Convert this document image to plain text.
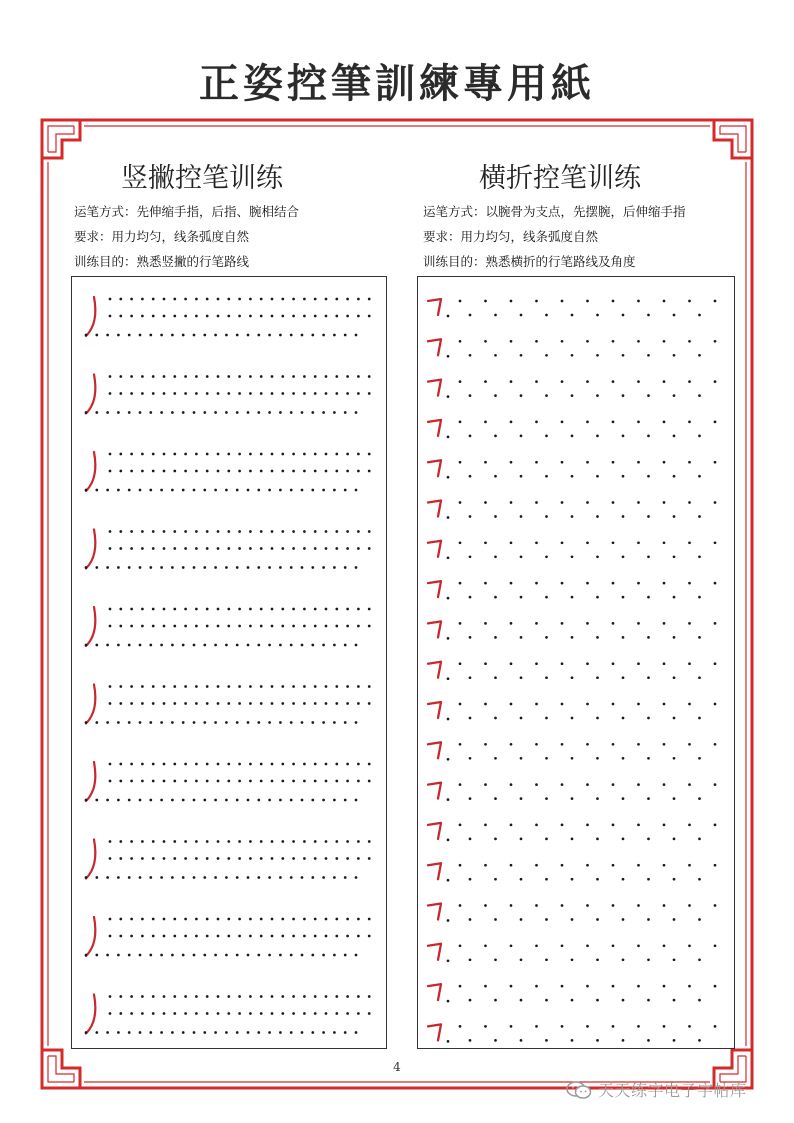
正姿控筆訓練專用紙
竖撇控笔训练
运笔方式：先伸缩手指，后指、腕相结合
要求：用力均匀，线条弧度自然
训练目的：熟悉竖撇的行笔路线
横折控笔训练
运笔方式：以腕骨为支点，先摆腕，后伸缩手指
要求：用力均匀，线条弧度自然
训练目的：熟悉横折的行笔路线及角度
4
天天练字电子字帖库
